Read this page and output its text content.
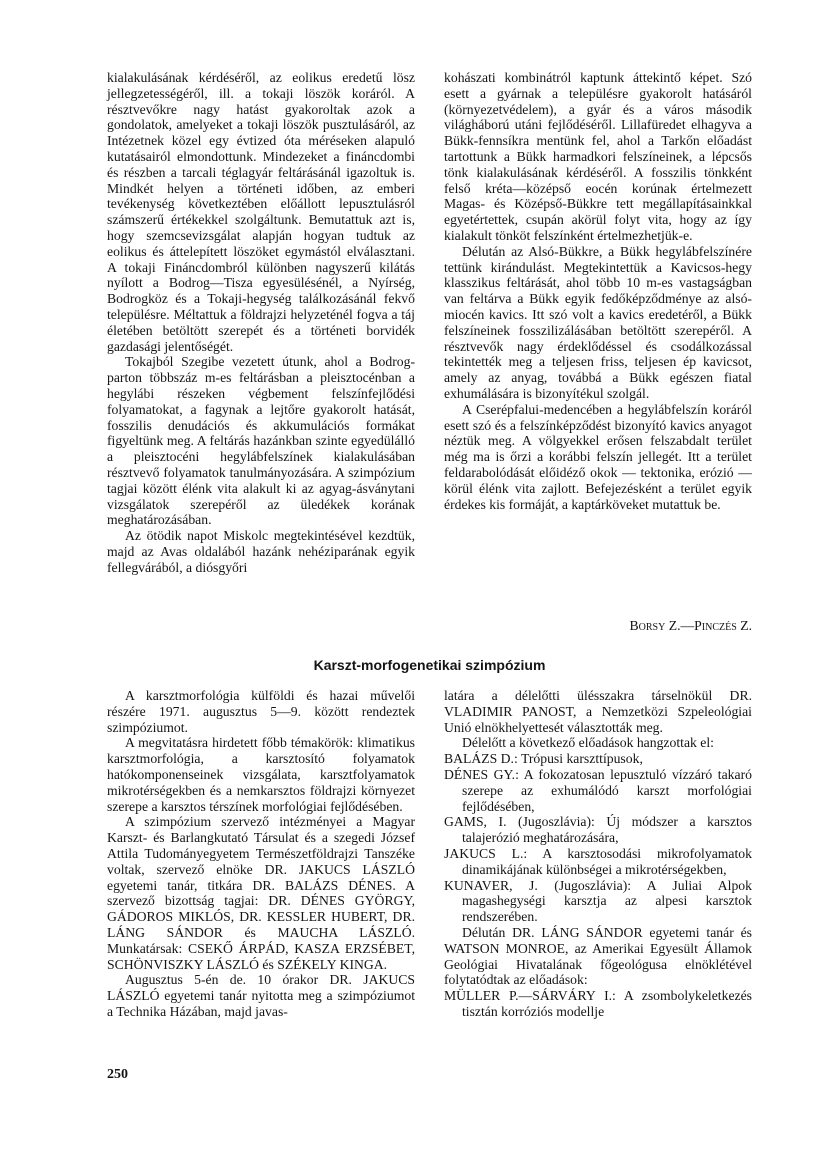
kialakulásának kérdéséről, az eolikus eredetű lösz jellegzetességéről, ill. a tokaji löszök koráról. A résztvevőkre nagy hatást gyakoroltak azok a gondolatok, amelyeket a tokaji löszök pusztulásáról, az Intézetnek közel egy évtized óta méréseken alapuló kutatásairól elmondottunk. Mindezeket a fináncdombi és részben a tarcali téglagyár feltárásánál igazoltuk is. Mindkét helyen a történeti időben, az emberi tevékenység következtében előállott lepusztulásról számszerű értékekkel szolgáltunk. Bemutattuk azt is, hogy szemcsevizsgálat alapján hogyan tudtuk az eolikus és áttelepített löszöket egymástól elválasztani. A tokaji Fináncdombról különben nagyszerű kilátás nyílott a Bodrog—Tisza egyesülésénél, a Nyírség, Bodrogköz és a Tokaji-hegység találkozásánál fekvő településre. Méltattuk a földrajzi helyzeténél fogva a táj életében betöltött szerepét és a történeti borvidék gazdasági jelentőségét.

Tokajból Szegibe vezetett útunk, ahol a Bodrog-parton többszáz m-es feltárásban a pleisztocénban a hegylábi részeken végbement felszínfejlődési folyamatokat, a fagynak a lejtőre gyakorolt hatását, fosszilis denudációs és akkumulációs formákat figyeltünk meg. A feltárás hazánkban szinte egyedülálló a pleisztocéni hegylábfelszínek kialakulásában résztvevő folyamatok tanulmányozására. A szimpózium tagjai között élénk vita alakult ki az agyag-ásványtani vizsgálatok szerepéről az üledékek korának meghatározásában.

Az ötödik napot Miskolc megtekintésével kezdtük, majd az Avas oldalából hazánk nehéziparának egyik fellegvárából, a diósgyőri

kohászati kombinátról kaptunk áttekintő képet. Szó esett a gyárnak a településre gyakorolt hatásáról (környezetvédelem), a gyár és a város második világháború utáni fejlődéséről. Lillafüredet elhagyva a Bükk-fennsíkra mentünk fel, ahol a Tarkőn előadást tartottunk a Bükk harmadkori felszíneinek, a lépcsős tönk kialakulásának kérdéséről. A fosszilis tönkként felső kréta—középső eocén korúnak értelmezett Magas- és Középső-Bükkre tett megállapításainkkal egyetértettek, csupán akörül folyt vita, hogy az így kialakult tönköt felszínként értelmezhetjük-e.

Délután az Alsó-Bükkre, a Bükk hegylábfelszínére tettünk kirándulást. Megtekintettük a Kavicsos-hegy klasszikus feltárását, ahol több 10 m-es vastagságban van feltárva a Bükk egyik fedőképződménye az alsó-miocén kavics. Itt szó volt a kavics eredetéről, a Bükk felszíneinek fosszilizálásában betöltött szerepéről. A résztvevők nagy érdeklődéssel és csodálkozással tekintették meg a teljesen friss, teljesen ép kavicsot, amely az anyag, továbbá a Bükk egészen fiatal exhumálására is bizonyítékul szolgál.

A Cserépfalui-medencében a hegylábfelszín koráról esett szó és a felszínképződést bizonyító kavics anyagot néztük meg. A völgyekkel erősen felszabdalt terület még ma is őrzi a korábbi felszín jellegét. Itt a terület feldarabolódását előidéző okok — tektonika, erózió — körül élénk vita zajlott. Befejezésként a terület egyik érdekes kis formáját, a kaptárköveket mutattuk be.

Borsy Z.—Pinczés Z.
Karszt-morfogenetikai szimpózium

A karsztmorfológia külföldi és hazai művelői részére 1971. augusztus 5—9. között rendeztek szimpóziumot.

A megvitatásra hirdetett főbb témakörök: klimatikus karsztmorfológia, a karsztosító folyamatok hatókomponenseinek vizsgálata, karsztfolyamatok mikrotérségekben és a nemkarsztos földrajzi környezet szerepe a karsztos térszínek morfológiai fejlődésében.

A szimpózium szervező intézményei a Magyar Karszt- és Barlangkutató Társulat és a szegedi József Attila Tudományegyetem Természetföldrajzi Tanszéke voltak, szervező elnöke DR. JAKUCS LÁSZLÓ egyetemi tanár, titkára DR. BALÁZS DÉNES. A szervező bizottság tagjai: DR. DÉNES GYÖRGY, GÁDOROS MIKLÓS, DR. KESSLER HUBERT, DR. LÁNG SÁNDOR és MAUCHA LÁSZLÓ. Munkatársak: CSEKŐ ÁRPÁD, KASZA ERZSÉBET, SCHÖNVISZKY LÁSZLÓ és SZÉKELY KINGA.

Augusztus 5-én de. 10 órakor DR. JAKUCS LÁSZLÓ egyetemi tanár nyitotta meg a szimpóziumot a Technika Házában, majd javas-

latára a délelőtti ülésszakra társelnökül DR. VLADIMIR PANOST, a Nemzetközi Szpeleológiai Unió elnökhelyettesét választották meg.

Délelőtt a következő előadások hangzottak el:

BALÁZS D.: Trópusi karszttípusok,

DÉNES GY.: A fokozatosan lepusztuló vízzáró takaró szerepe az exhumálódó karszt morfológiai fejlődésében,

GAMS, I. (Jugoszlávia): Új módszer a karsztos talajerózió meghatározására,

JAKUCS L.: A karsztosodási mikrofolyamatok dinamikájának különbségei a mikrotérségekben,

KUNAVER, J. (Jugoszlávia): A Juliai Alpok magashegységi karsztja az alpesi karsztok rendszerében.

Délután DR. LÁNG SÁNDOR egyetemi tanár és WATSON MONROE, az Amerikai Egyesült Államok Geológiai Hivatalának főgeológusa elnöklétével folytatódtak az előadások:

MÜLLER P.—SÁRVÁRY I.: A zsombolykeletkezés tisztán korróziós modellje

250
